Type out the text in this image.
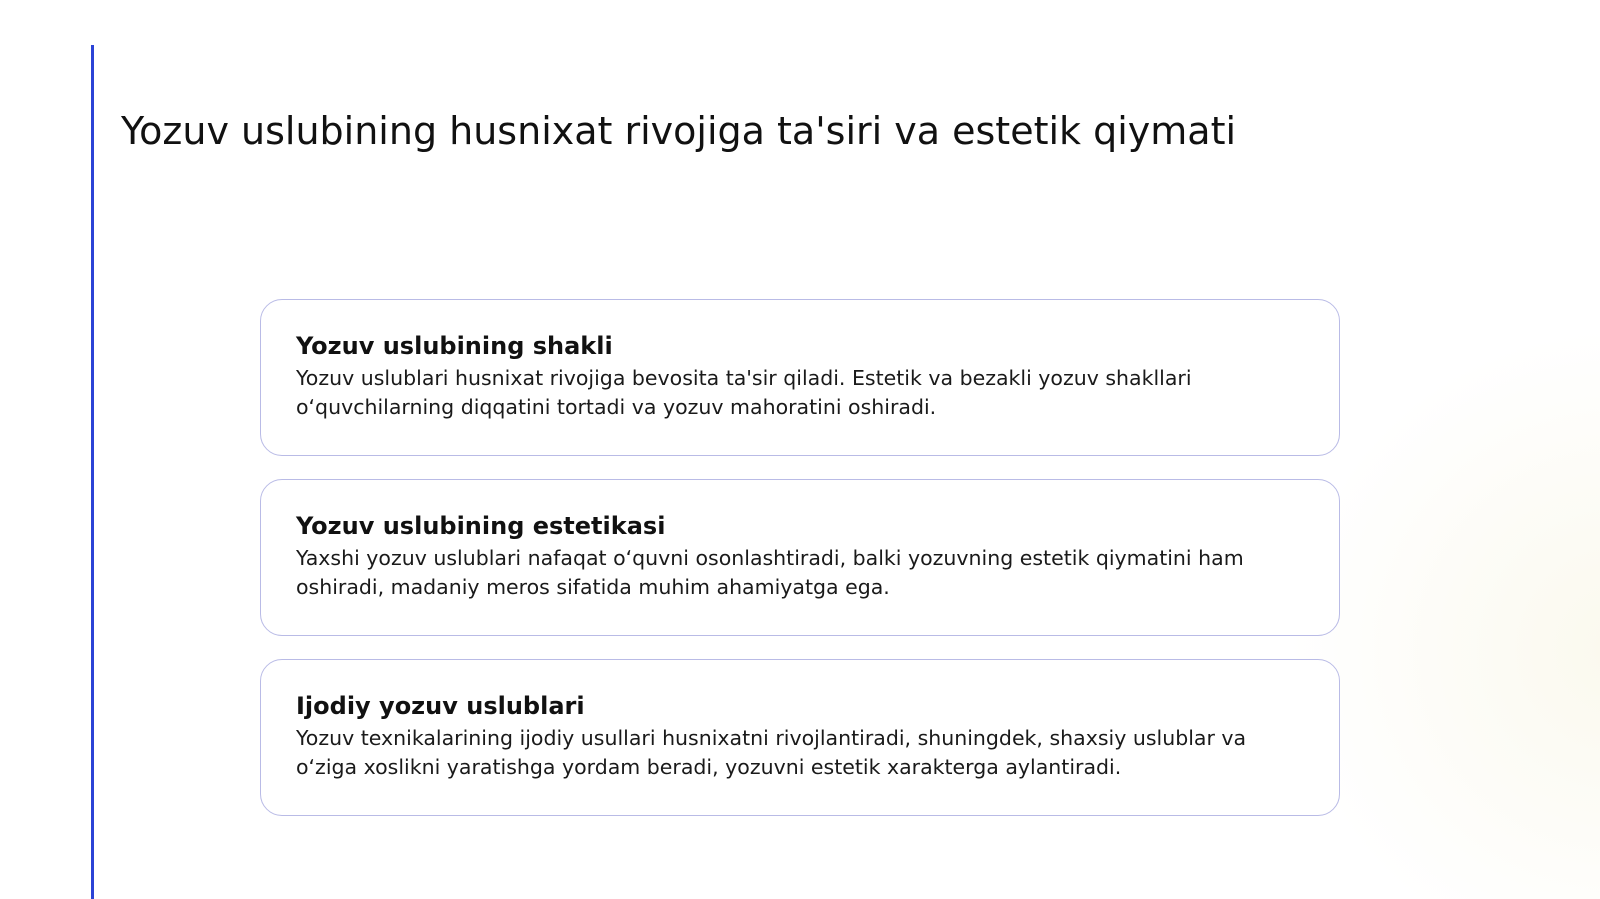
Yozuv uslubining husnixat rivojiga ta'siri va estetik qiymati
Yozuv uslubining shakli

Yozuv uslublari husnixat rivojiga bevosita ta'sir qiladi. Estetik va bezakli yozuv shakllari oʻquvchilarning diqqatini tortadi va yozuv mahoratini oshiradi.

Yozuv uslubining estetikasi

Yaxshi yozuv uslublari nafaqat oʻquvni osonlashtiradi, balki yozuvning estetik qiymatini ham oshiradi, madaniy meros sifatida muhim ahamiyatga ega.

Ijodiy yozuv uslublari

Yozuv texnikalarining ijodiy usullari husnixatni rivojlantiradi, shuningdek, shaxsiy uslublar va oʻziga xoslikni yaratishga yordam beradi, yozuvni estetik xarakterga aylantiradi.
